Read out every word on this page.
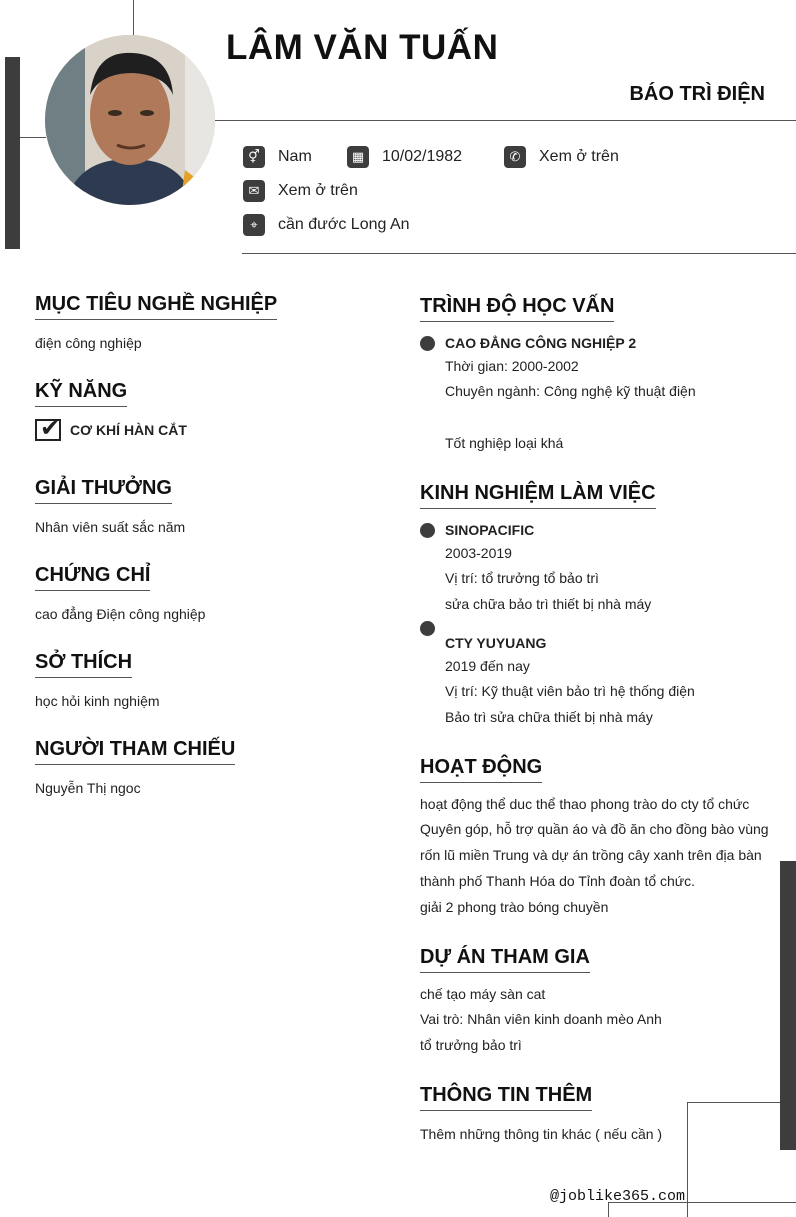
LÂM VĂN TUẤN
BÁO TRÌ ĐIỆN
⚥	Nam	▦	10/02/1982	✆	Xem ở trên
✉	Xem ở trên
⌖	cần đước Long An
MỤC TIÊU NGHỀ NGHIỆP
điện công nghiệp
KỸ NĂNG
✔ CƠ KHÍ HÀN CẮT
GIẢI THƯỞNG
Nhân viên suất sắc năm
CHỨNG CHỈ
cao đẳng Điện công nghiệp
SỞ THÍCH
học hỏi kinh nghiệm
NGƯỜI THAM CHIẾU
Nguyễn Thị ngoc
TRÌNH ĐỘ HỌC VẤN
CAO ĐẲNG CÔNG NGHIỆP 2
Thời gian: 2000-2002
Chuyên ngành: Công nghệ kỹ thuật điện
Tốt nghiệp loại khá
KINH NGHIỆM LÀM VIỆC
SINOPACIFIC
2003-2019
Vị trí: tổ trưởng tổ bảo trì
sửa chữa bảo trì thiết bị nhà máy
CTY YUYUANG
2019 đến nay
Vị trí: Kỹ thuật viên bảo trì hệ thống điện
Bảo trì sửa chữa thiết bị nhà máy
HOẠT ĐỘNG
hoạt động thể duc thể thao phong trào do cty tổ chức
Quyên góp, hỗ trợ quần áo và đồ ăn cho đồng bào vùng
rốn lũ miền Trung và dự án trồng cây xanh trên địa bàn
thành phố Thanh Hóa do Tỉnh đoàn tổ chức.
giải 2 phong trào bóng chuyền
DỰ ÁN THAM GIA
chế tạo máy sàn cat
Vai trò: Nhân viên kinh doanh mèo Anh
tổ trưởng bảo trì
THÔNG TIN THÊM
Thêm những thông tin khác ( nếu cần )
@joblike365.com
